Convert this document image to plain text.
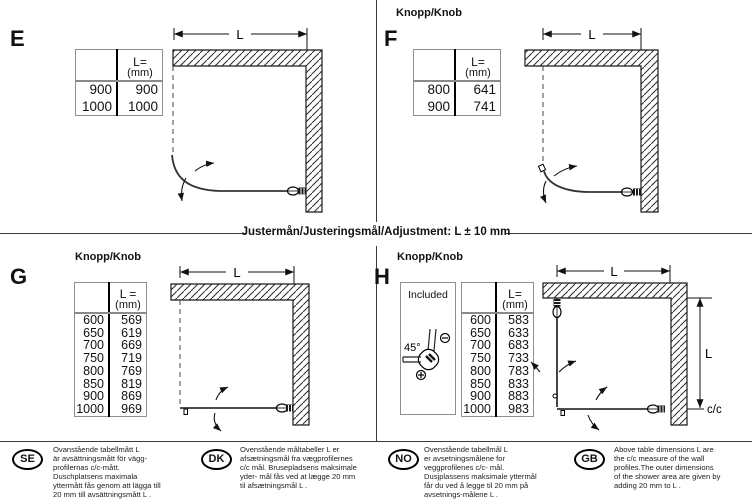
Justermån/Justeringsmål/Adjustment: L ± 10 mm
E

	L=
(mm)

900	900
1000	1000
L
Knopp/Knob
F

	L=
(mm)

800	641
900	741
L
Knopp/Knob
G

	L =
(mm)

600	569
650	619
700	669
750	719
800	769
850	819
900	869
1000	969
L
Knopp/Knob
H
Included
45°

	L=
(mm)

600	583
650	633
700	683
750	733
800	783
850	833
900	883
1000	983
L
L
c/c
SE
Ovanstående tabellmått L
är avsättningsmått för vägg-
profilernas c/c-mått.
Duschplatsens maximala
yttermått fås genom att lägga till
20 mm till avsättningsmått L .
DK
Ovenstående måltabeller L er
afsætningsmål fra vægprofilernes
c/c mål. Brusepladsens maksimale
yder- mål fås ved at lægge 20 mm
til afsætningsmål L .
NO
Ovenstående tabellmål L
er avsetningsmålene for
veggprofilenes c/c- mål.
Dusjplassens maksimale yttermål
får du ved å legge til 20 mm på
avsetnings-målene L .
GB
Above table dimensions L are
the c/c measure of the wall
profiles.The outer dimensions
of the shower area are given by
adding 20 mm to L .
